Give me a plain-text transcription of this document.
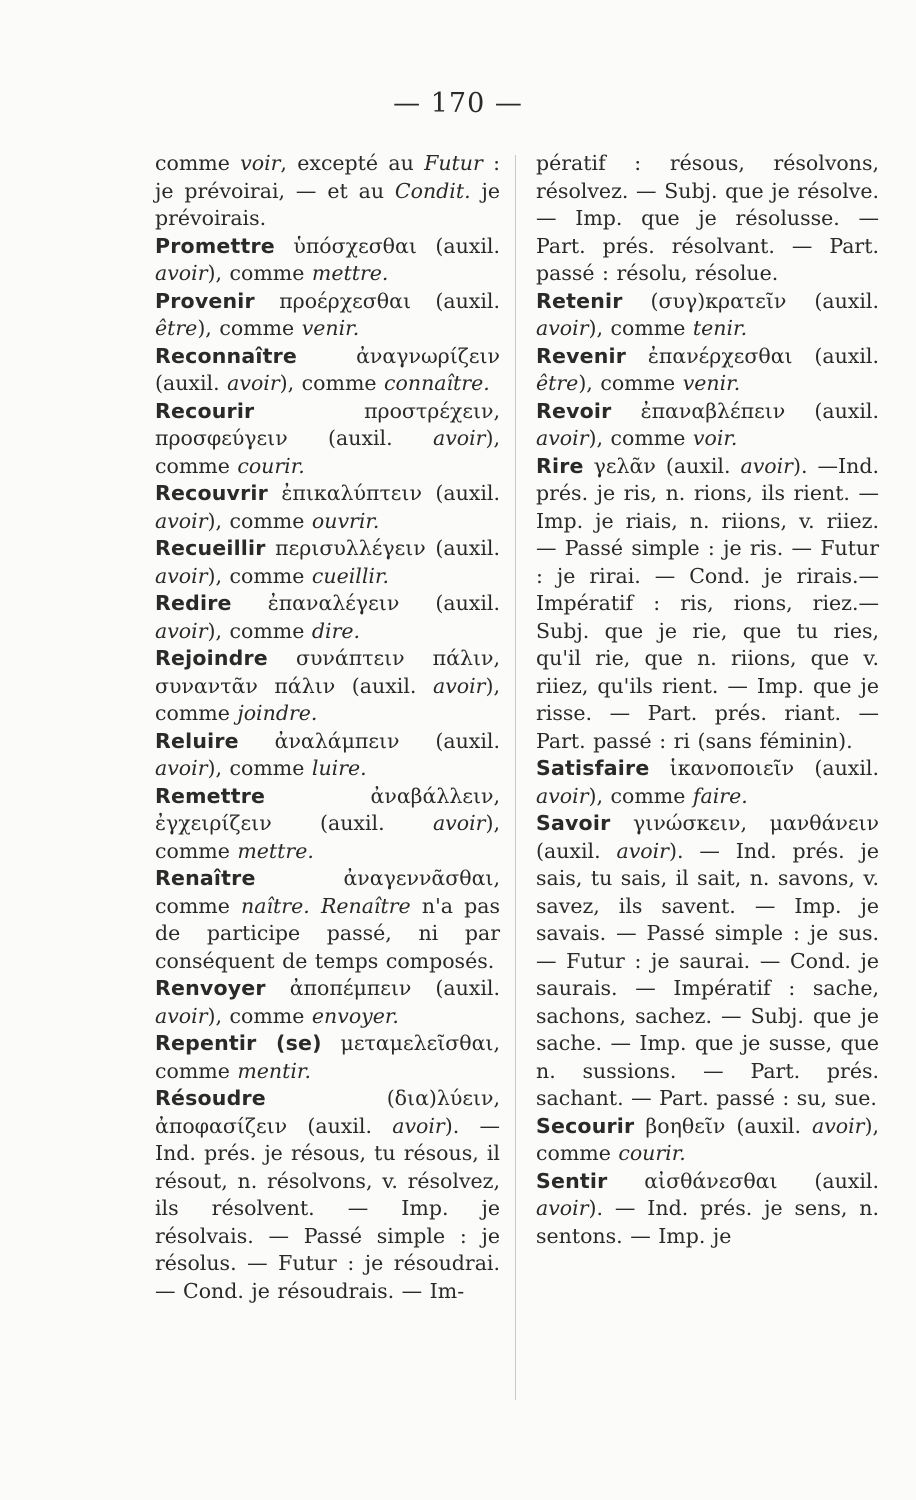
— 170 —
comme voir, excepté au Futur : je prévoirai, — et au Condit. je prévoirais.
Promettre ὑπόσχεσθαι (auxil. avoir), comme mettre.
Provenir προέρχεσθαι (auxil. être), comme venir.
Reconnaître	ἀναγνωρίζειν (auxil. avoir), comme connaître.
Recourir	προστρέχειν, προσφεύγειν (auxil. avoir), comme courir.
Recouvrir ἐπικαλύπτειν (auxil. avoir), comme ouvrir.
Recueillir περισυλλέγειν (auxil. avoir), comme cueillir.
Redire ἐπαναλέγειν (auxil. avoir), comme dire.
Rejoindre συνάπτειν πάλιν, συναντᾶν πάλιν (auxil. avoir), comme joindre.
Reluire ἀναλάμπειν (auxil. avoir), comme luire.
Remettre	ἀναβάλλειν, ἐγχειρίζειν (auxil. avoir), comme mettre.
Renaître	ἀναγεννᾶσθαι, comme naître. Renaître n'a pas de participe passé, ni par conséquent de temps composés.
Renvoyer ἀποπέμπειν (auxil. avoir), comme envoyer.
Repentir (se) μεταμελεῖσθαι, comme mentir.
Résoudre	(δια)λύειν, ἀποφασίζειν (auxil. avoir). — Ind. prés. je résous, tu résous, il résout, n. résolvons, v. résolvez, ils résolvent. — Imp. je résolvais. — Passé simple : je résolus. — Futur : je résoudrai. — Cond. je résoudrais. — Im-
pératif : résous, résolvons, résolvez. — Subj. que je résolve. — Imp. que je résolusse. — Part. prés. résolvant. — Part. passé : résolu, résolue.
Retenir (συγ)κρατεῖν (auxil. avoir), comme tenir.
Revenir ἐπανέρχεσθαι (auxil. être), comme venir.
Revoir ἐπαναβλέπειν (auxil. avoir), comme voir.
Rire γελᾶν (auxil. avoir). —Ind. prés. je ris, n. rions, ils rient. — Imp. je riais, n. riions, v. riiez. — Passé simple : je ris. — Futur : je rirai. — Cond. je rirais.— Impératif : ris, rions, riez.— Subj. que je rie, que tu ries, qu'il rie, que n. riions, que v. riiez, qu'ils rient. — Imp. que je risse. — Part. prés. riant. — Part. passé : ri (sans féminin).
Satisfaire ἱκανοποιεῖν (auxil. avoir), comme faire.
Savoir γινώσκειν, μανθάνειν (auxil. avoir). — Ind. prés. je sais, tu sais, il sait, n. savons, v. savez, ils savent. — Imp. je savais. — Passé simple : je sus. — Futur : je saurai. — Cond. je saurais. — Impératif : sache, sachons, sachez. — Subj. que je sache. — Imp. que je susse, que n. sussions. — Part. prés. sachant. — Part. passé : su, sue.
Secourir βοηθεῖν (auxil. avoir), comme courir.
Sentir αἰσθάνεσθαι (auxil. avoir). — Ind. prés. je sens, n. sentons. — Imp. je
